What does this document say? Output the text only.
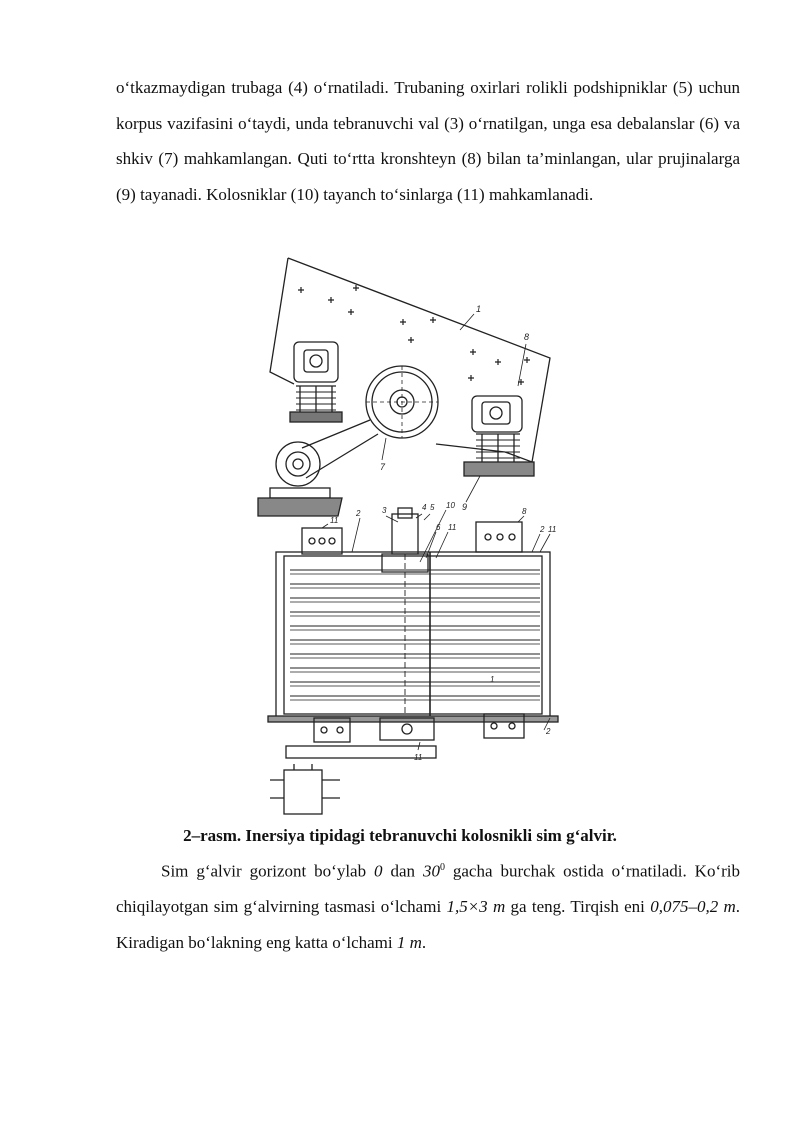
o‘tkazmaydigan trubaga (4) o‘rnatiladi. Trubaning oxirlari rolikli podshipniklar (5) uchun korpus vazifasini o‘taydi, unda tebranuvchi val (3) o‘rnatilgan, unga esa debalanslar (6) va shkiv (7) mahkamlangan. Quti to‘rtta kronshteyn (8) bilan ta’minlangan, ular prujinalarga (9) tayanadi. Kolosniklar (10) tayanch to‘sinlarga (11) mahkamlanadi.
1
8
7
9
11
2	3	4 5 10
6 11
8
2 11
1
2
11
2–rasm. Inersiya tipidagi tebranuvchi kolosnikli sim g‘alvir.
Sim g‘alvir gorizont bo‘ylab 0 dan $30^0$ gacha burchak ostida o‘rnatiladi. Ko‘rib chiqilayotgan sim g‘alvirning tasmasi o‘lchami 1,5×3 m ga teng. Tirqish eni 0,075–0,2 m. Kiradigan bo‘lakning eng katta o‘lchami 1 m.
